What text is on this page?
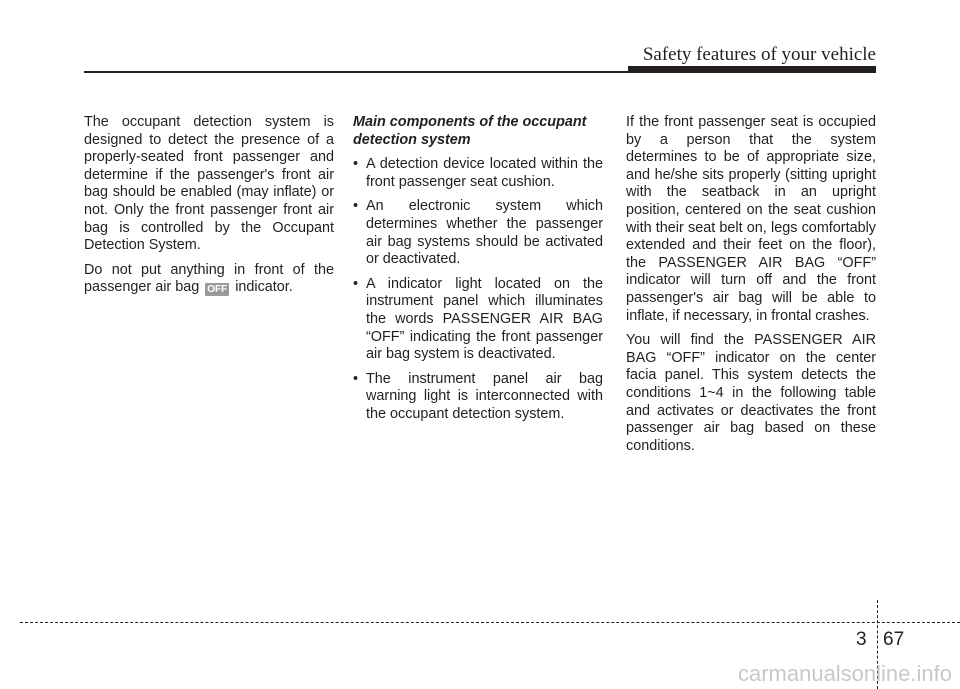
Safety features of your vehicle

The occupant detection system is designed to detect the presence of a properly-seated front passenger and determine if the passenger's front air bag should be enabled (may inflate) or not. Only the front passenger front air bag is controlled by the Occupant Detection System.

Do not put anything in front of the passenger air bag OFF indicator.

Main components of the occupant detection system

• A detection device located within the front passenger seat cushion.
• An electronic system which determines whether the passenger air bag systems should be activated or deactivated.
• A indicator light located on the instrument panel which illuminates the words PASSENGER AIR BAG “OFF” indicating the front passenger air bag system is deactivated.
• The instrument panel air bag warning light is interconnected with the occupant detection system.

If the front passenger seat is occupied by a person that the system determines to be of appropriate size, and he/she sits properly (sitting upright with the seatback in an upright position, centered on the seat cushion with their seat belt on, legs comfortably extended and their feet on the floor), the PASSENGER AIR BAG “OFF” indicator will turn off and the front passenger's air bag will be able to inflate, if necessary, in frontal crashes.

You will find the PASSENGER AIR BAG “OFF” indicator on the center facia panel. This system detects the conditions 1~4 in the following table and activates or deactivates the front passenger air bag based on these conditions.

3 67
carmanualsonline.info
